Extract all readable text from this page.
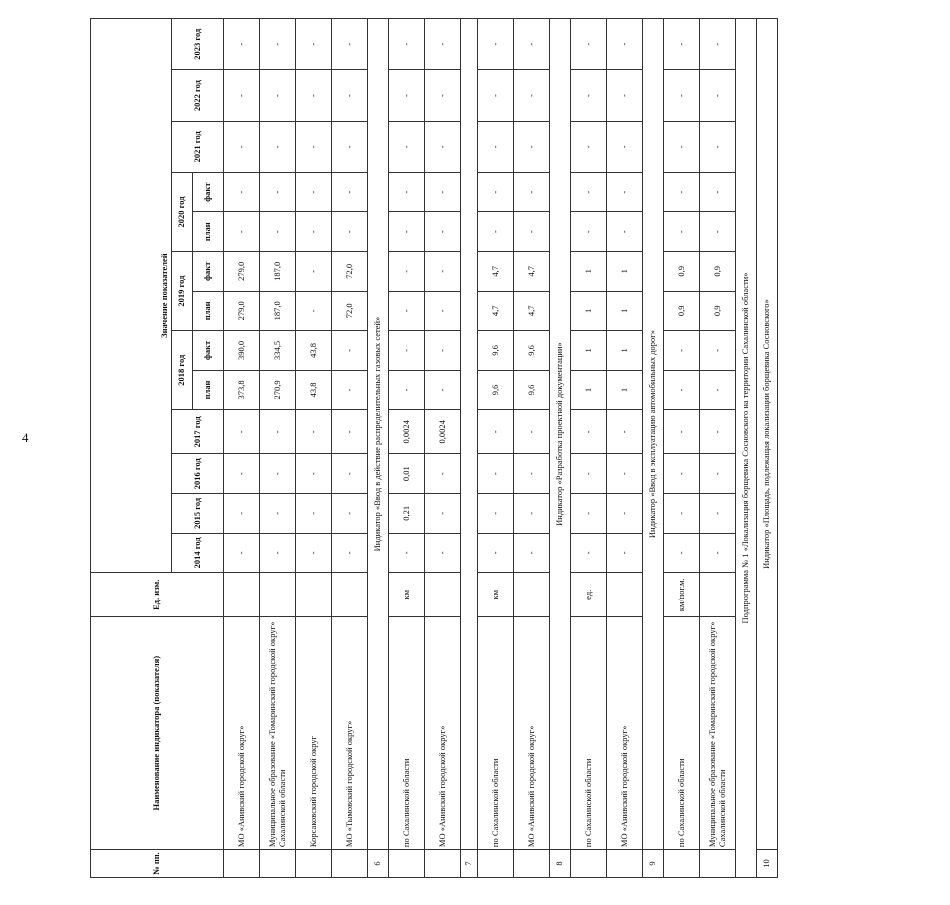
4
№ пп.	Наименование индикатора (показателя)	Ед. изм.	Значение показателей												
			2014 год	2015 год	2016 год	2017 год	2018 год		2019 год		2020 год		2021 год	2022 год	2023 год
							план	факт	план	факт	план	факт			
	МО «Анивский городской округ»		-	-	-	-	373,8	390,0	279,0	279,0	-	-	-	-	-
	Муниципальное образование «Томаринский городской округ» Сахалинской области		-	-	-	-	270,9	334,5	187,0	187,0	-	-	-	-	-
	Корсаковский городской округ		-	-	-	-	43,8	43,8	-	-	-	-	-	-	-
	МО «Тымовский городской округ»		-	-	-	-	-	-	72,0	72,0	-	-	-	-	-
6	Индикатор «Ввод в действие распределительных газовых сетей»														
	по Сахалинской области	км	-	0,21	0,01	0,0024	-	-	-	-	-	-	-	-	-
	МО «Анивский городской округ»		-	-	-	0,0024	-	-	-	-	-	-	-	-	-
7															
	по Сахалинской области	км	-	-	-	-	9,6	9,6	4,7	4,7	-	-	-	-	-
	МО «Анивский городской округ»		-	-	-	-	9,6	9,6	4,7	4,7	-	-	-	-	-
8	Индикатор «Разработка проектной документации»														
	по Сахалинской области	ед.	-	-	-	-	1	1	1	1	-	-	-	-	-
	МО «Анивский городской округ»		-	-	-	-	1	1	1	1	-	-	-	-	-
9	Индикатор «Ввод в эксплуатацию автомобильных дорог»														
	по Сахалинской области	км/пог.м.	-	-	-	-	-	-	0,9	0,9	-	-	-	-	-
	Муниципальное образование «Томаринский городской округ» Сахалинской области		-	-	-	-	-	-	0,9	0,9	-	-	-	-	-
Подпрограмма № 1 «Локализация борщевика Сосновского на территории Сахалинской области»															
10	Индикатор «Площадь, подлежащая локализации борщевика Сосновского»														
